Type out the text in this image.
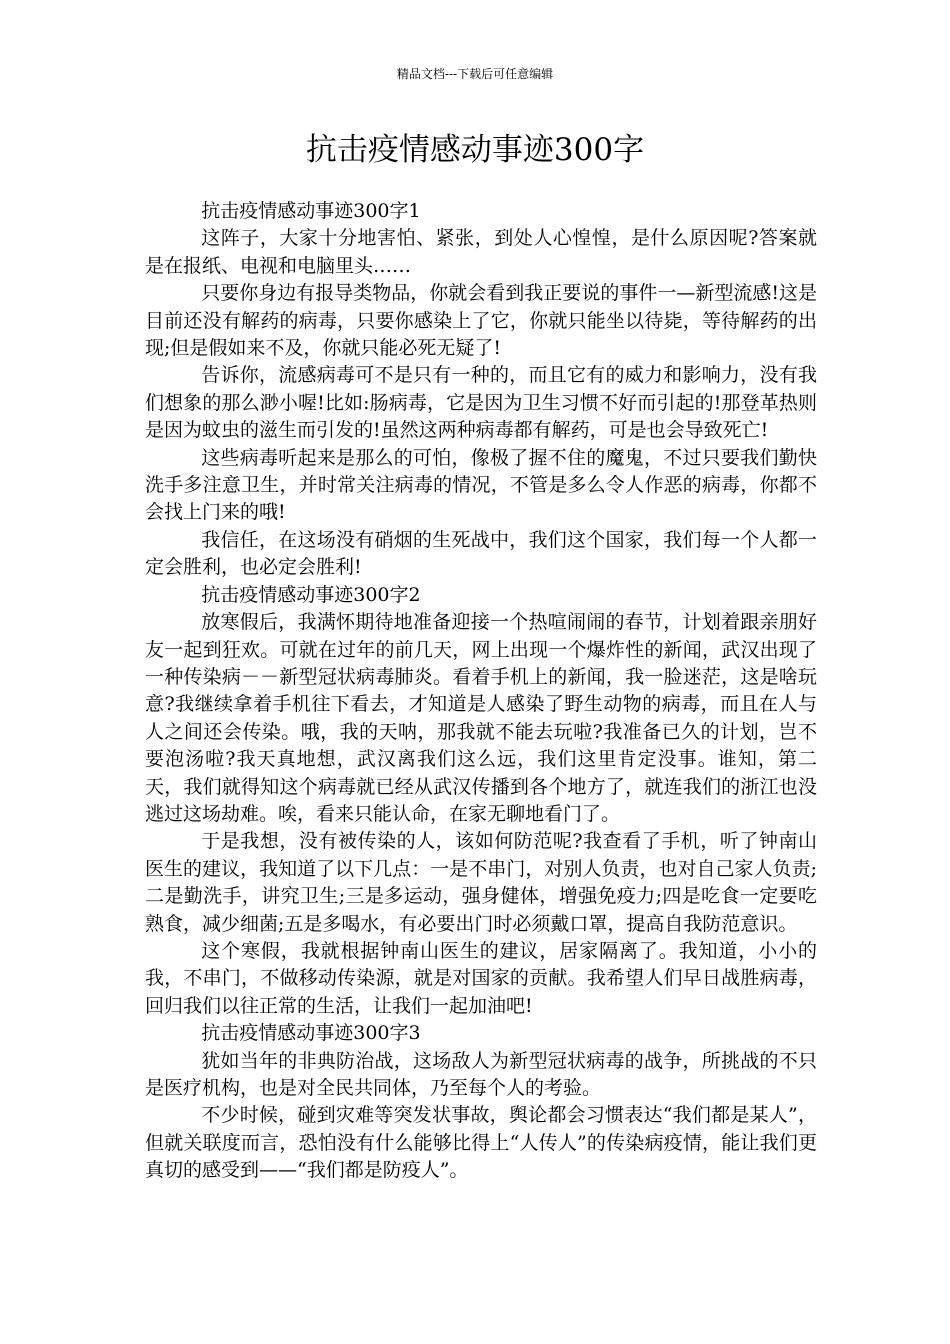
精品文档---下载后可任意编辑
抗击疫情感动事迹300字

抗击疫情感动事迹300字1

这阵子，大家十分地害怕、紧张，到处人心惶惶，是什么原因呢?答案就是在报纸、电视和电脑里头……

只要你身边有报导类物品，你就会看到我正要说的事件一—新型流感!这是目前还没有解药的病毒，只要你感染上了它，你就只能坐以待毙，等待解药的出现;但是假如来不及，你就只能必死无疑了!

告诉你，流感病毒可不是只有一种的，而且它有的威力和影响力，没有我们想象的那么渺小喔!比如:肠病毒，它是因为卫生习惯不好而引起的!那登革热则是因为蚊虫的滋生而引发的!虽然这两种病毒都有解药，可是也会导致死亡!

这些病毒听起来是那么的可怕，像极了握不住的魔鬼，不过只要我们勤快洗手多注意卫生，并时常关注病毒的情况，不管是多么令人作恶的病毒，你都不会找上门来的哦!

我信任，在这场没有硝烟的生死战中，我们这个国家，我们每一个人都一定会胜利，也必定会胜利!

抗击疫情感动事迹300字2

放寒假后，我满怀期待地准备迎接一个热喧闹闹的春节，计划着跟亲朋好友一起到狂欢。可就在过年的前几天，网上出现一个爆炸性的新闻，武汉出现了一种传染病－－新型冠状病毒肺炎。看着手机上的新闻，我一脸迷茫，这是啥玩意?我继续拿着手机往下看去，才知道是人感染了野生动物的病毒，而且在人与人之间还会传染。哦，我的天呐，那我就不能去玩啦?我准备已久的计划，岂不要泡汤啦?我天真地想，武汉离我们这么远，我们这里肯定没事。谁知，第二天，我们就得知这个病毒就已经从武汉传播到各个地方了，就连我们的浙江也没逃过这场劫难。唉，看来只能认命，在家无聊地看门了。

于是我想，没有被传染的人，该如何防范呢?我查看了手机，听了钟南山医生的建议，我知道了以下几点：一是不串门，对别人负责，也对自己家人负责;二是勤洗手，讲究卫生;三是多运动，强身健体，增强免疫力;四是吃食一定要吃熟食，减少细菌;五是多喝水，有必要出门时必须戴口罩，提高自我防范意识。

这个寒假，我就根据钟南山医生的建议，居家隔离了。我知道，小小的我，不串门，不做移动传染源，就是对国家的贡献。我希望人们早日战胜病毒，回归我们以往正常的生活，让我们一起加油吧!

抗击疫情感动事迹300字3

犹如当年的非典防治战，这场敌人为新型冠状病毒的战争，所挑战的不只是医疗机构，也是对全民共同体，乃至每个人的考验。

不少时候，碰到灾难等突发状事故，舆论都会习惯表达“我们都是某人”，但就关联度而言，恐怕没有什么能够比得上“人传人”的传染病疫情，能让我们更真切的感受到——“我们都是防疫人”。
